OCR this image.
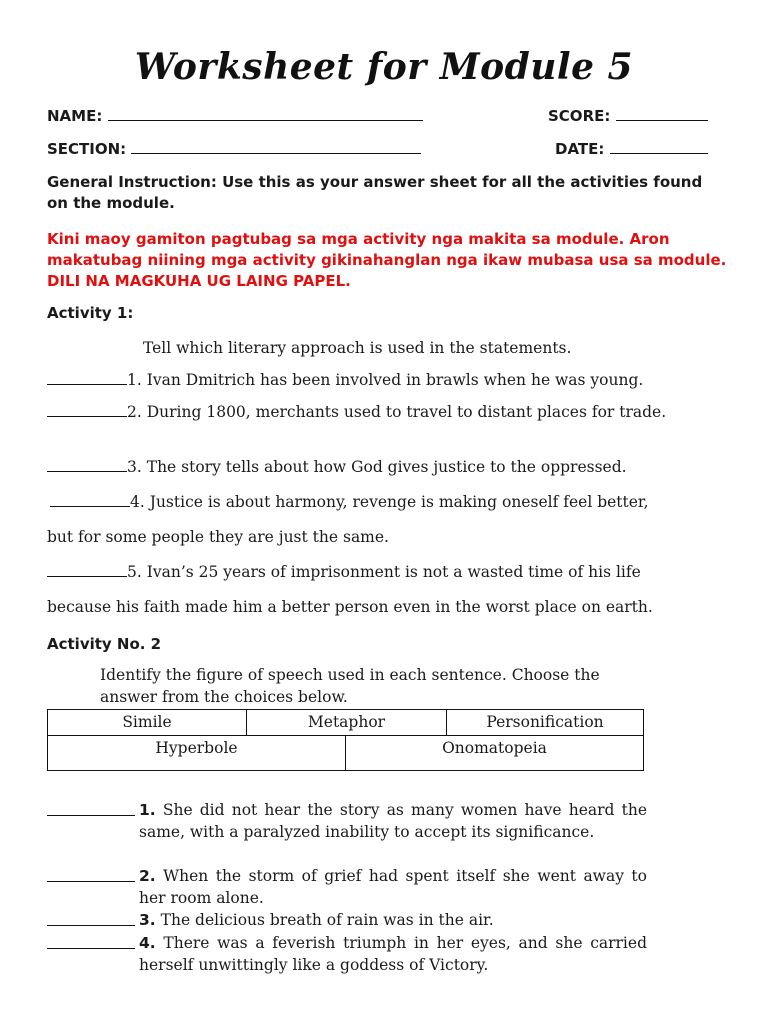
Worksheet for Module 5
NAME:	SCORE:
SECTION:	DATE:
General Instruction: Use this as your answer sheet for all the activities found on the module.
Kini maoy gamiton pagtubag sa mga activity nga makita sa module. Aron makatubag niining mga activity gikinahanglan nga ikaw mubasa usa sa module. DILI NA MAGKUHA UG LAING PAPEL.
Activity 1:
Tell which literary approach is used in the statements.
1. Ivan Dmitrich has been involved in brawls when he was young.
2. During 1800, merchants used to travel to distant places for trade.
3. The story tells about how God gives justice to the oppressed.
4. Justice is about harmony, revenge is making oneself feel better,
but for some people they are just the same.
5. Ivan’s 25 years of imprisonment is not a wasted time of his life
because his faith made him a better person even in the worst place on earth.
Activity No. 2
Identify the figure of speech used in each sentence. Choose the answer from the choices below.
Simile	Metaphor	Personification
Hyperbole	Onomatopeia
1. She did not hear the story as many women have heard the same, with a paralyzed inability to accept its significance.
2. When the storm of grief had spent itself she went away to her room alone.
3. The delicious breath of rain was in the air.
4. There was a feverish triumph in her eyes, and she carried herself unwittingly like a goddess of Victory.
